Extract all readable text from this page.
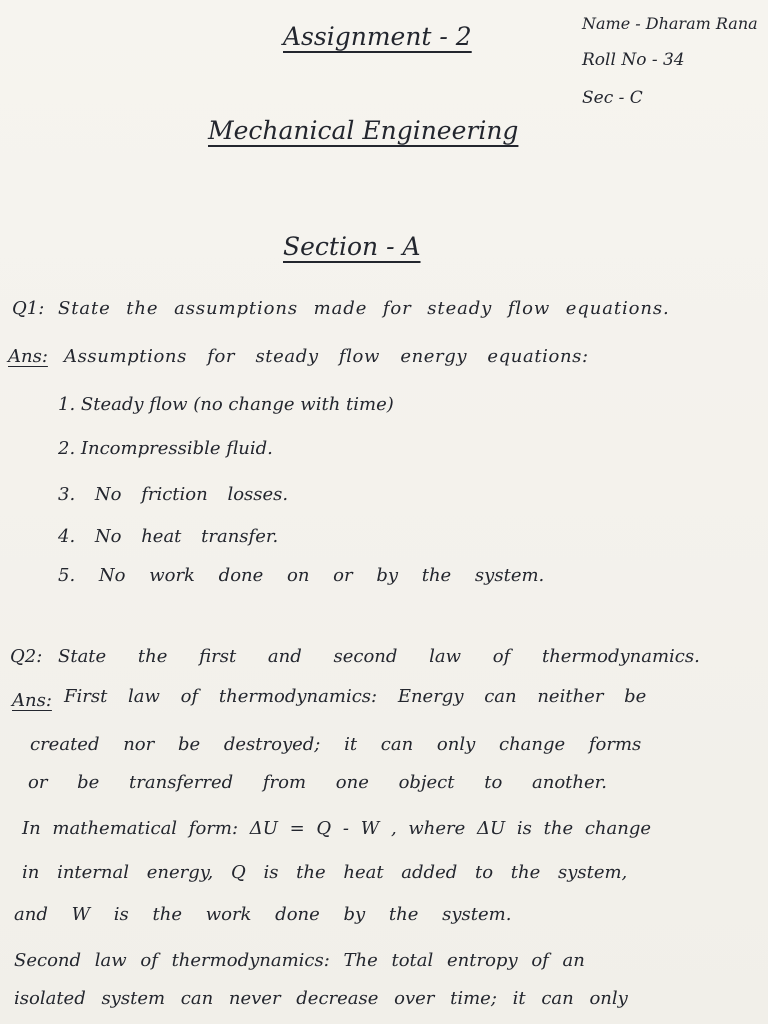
Assignment - 2	Name - Dharam Rana
Roll No - 34
Sec - C
Mechanical Engineering
Section - A
Q1: State the assumptions made for steady flow equations.
Ans: Assumptions for steady flow energy equations:
1. Steady flow (no change with time)
2. Incompressible fluid.
3. No friction losses.
4. No heat transfer.
5. No work done on or by the system.
Q2: State the first and second law of thermodynamics.
Ans: First law of thermodynamics: Energy can neither be
created nor be destroyed; it can only change forms
or be transferred from one object to another.
In mathematical form: ΔU = Q - W , where ΔU is the change
in internal energy, Q is the heat added to the system,
and W is the work done by the system.
Second law of thermodynamics: The total entropy of an
isolated system can never decrease over time; it can only
